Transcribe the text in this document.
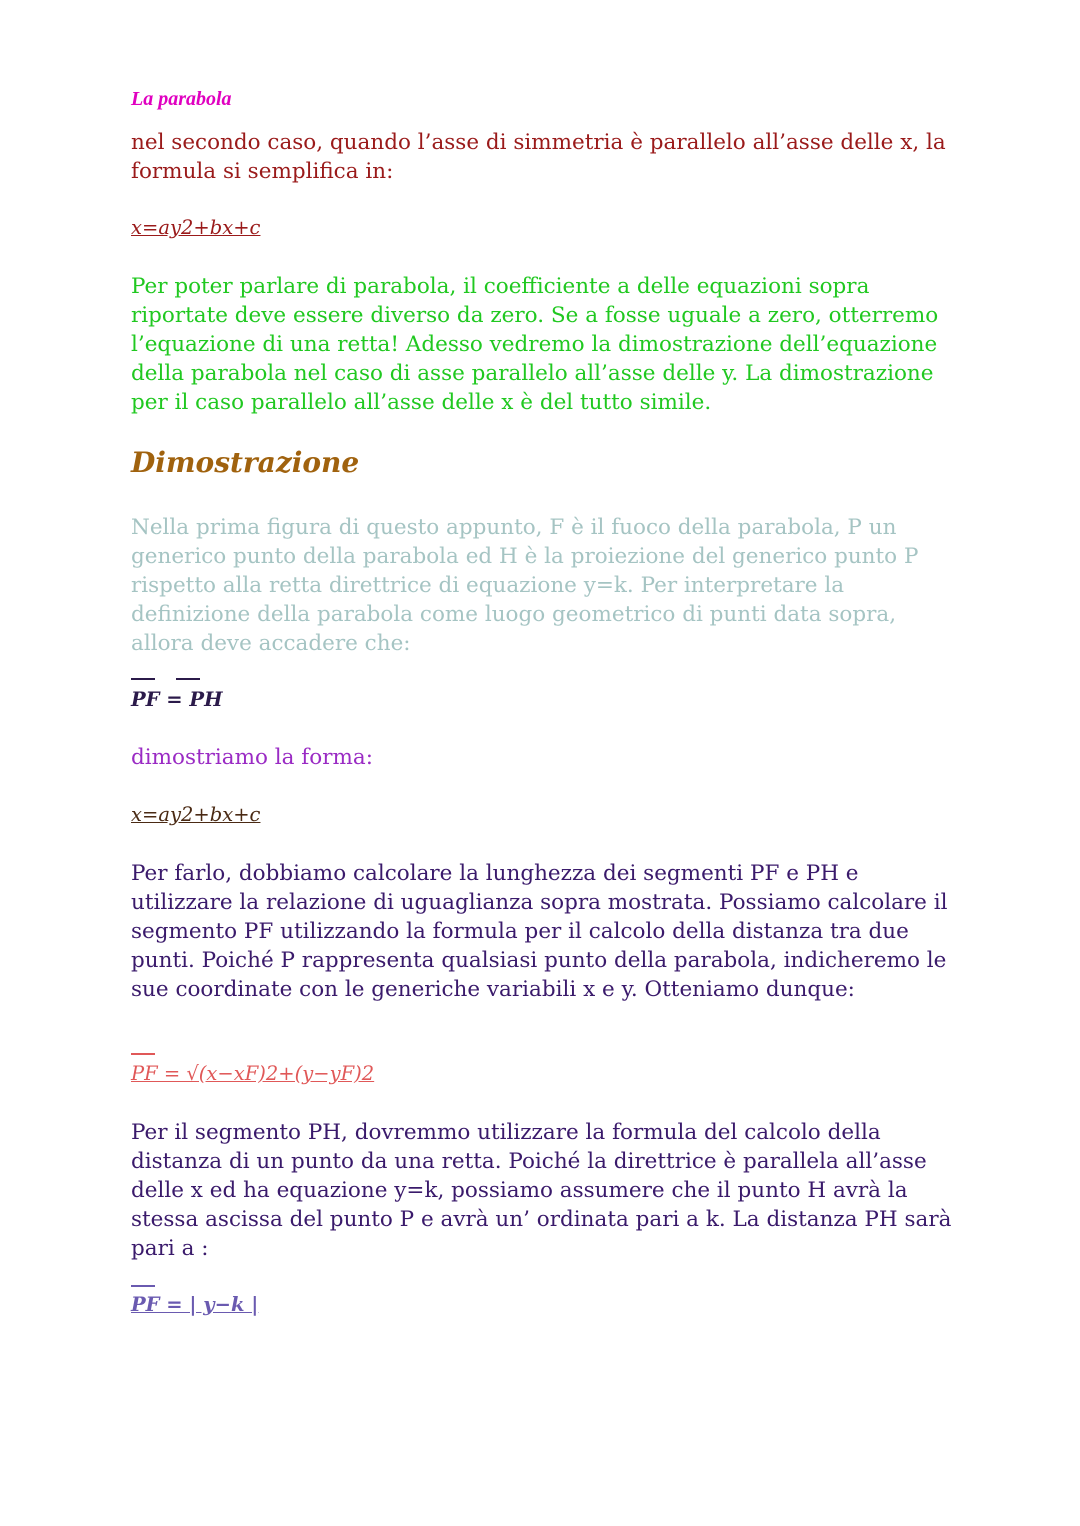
La parabola

nel secondo caso, quando l’asse di simmetria è parallelo all’asse delle x, la formula si semplifica in:

x=ay2+bx+c

Per poter parlare di parabola, il coefficiente a delle equazioni sopra riportate deve essere diverso da zero. Se a fosse uguale a zero, otterremo l’equazione di una retta! Adesso vedremo la dimostrazione dell’equazione della parabola nel caso di asse parallelo all’asse delle y. La dimostrazione per il caso parallelo all’asse delle x è del tutto simile.

Dimostrazione

Nella prima figura di questo appunto, F è il fuoco della parabola, P un generico punto della parabola ed H è la proiezione del generico punto P rispetto alla retta direttrice di equazione y=k. Per interpretare la definizione della parabola come luogo geometrico di punti data sopra, allora deve accadere che:

PF = PH

dimostriamo la forma:

x=ay2+bx+c

Per farlo, dobbiamo calcolare la lunghezza dei segmenti PF e PH e utilizzare la relazione di uguaglianza sopra mostrata. Possiamo calcolare il segmento PF utilizzando la formula per il calcolo della distanza tra due punti. Poiché P rappresenta qualsiasi punto della parabola, indicheremo le sue coordinate con le generiche variabili x e y. Otteniamo dunque:

PF = √(x−xF)2+(y−yF)2

Per il segmento PH, dovremmo utilizzare la formula del calcolo della distanza di un punto da una retta. Poiché la direttrice è parallela all’asse delle x ed ha equazione y=k, possiamo assumere che il punto H avrà la stessa ascissa del punto P e avrà un’ ordinata pari a k. La distanza PH sarà pari a :

PF = | y−k |
